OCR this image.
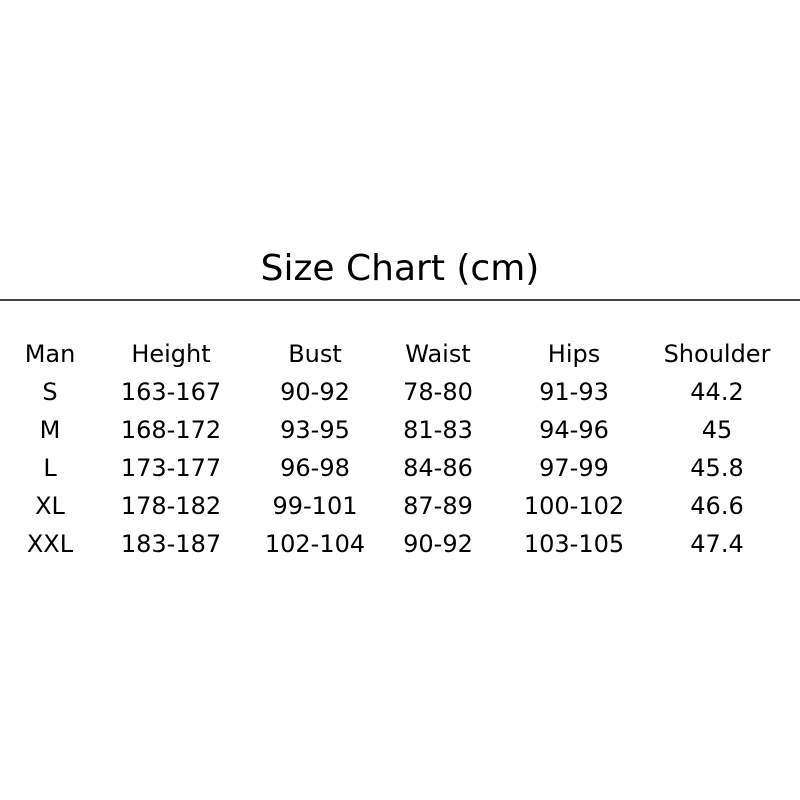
Size Chart (cm)
Man	Height	Bust	Waist	Hips	Shoulder
S	163-167	90-92	78-80	91-93	44.2
M	168-172	93-95	81-83	94-96	45
L	173-177	96-98	84-86	97-99	45.8
XL	178-182	99-101	87-89	100-102	46.6
XXL	183-187	102-104	90-92	103-105	47.4
